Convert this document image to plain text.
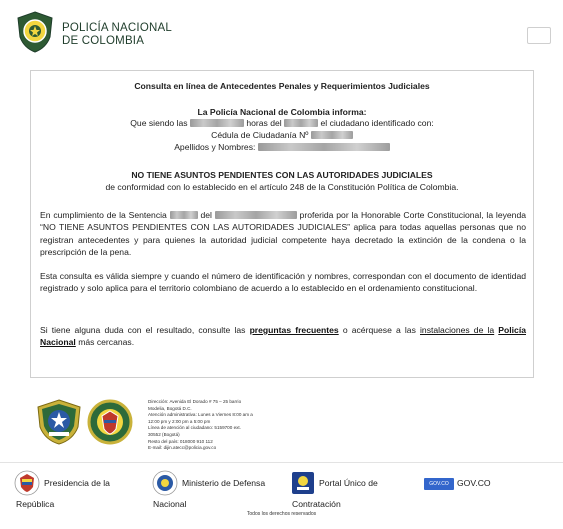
POLICÍA NACIONAL
DE COLOMBIA
Consulta en línea de Antecedentes Penales y Requerimientos Judiciales
La Policía Nacional de Colombia informa:
Que siendo las	horas del	el ciudadano identificado con:
Cédula de Ciudadanía Nº
Apellidos y Nombres:
NO TIENE ASUNTOS PENDIENTES CON LAS AUTORIDADES JUDICIALES
de conformidad con lo establecido en el artículo 248 de la Constitución Política de Colombia.
En cumplimiento de la Sentencia	del	proferida por la Honorable Corte Constitucional, la leyenda “NO TIENE ASUNTOS PENDIENTES CON LAS AUTORIDADES JUDICIALES” aplica para todas aquellas personas que no registran antecedentes y para quienes la autoridad judicial competente haya decretado la extinción de la condena o la prescripción de la pena.
Esta consulta es válida siempre y cuando el número de identificación y nombres, correspondan con el documento de identidad registrado y solo aplica para el territorio colombiano de acuerdo a lo establecido en el ordenamiento constitucional.
Si tiene alguna duda con el resultado, consulte las preguntas frecuentes o acérquese a las instalaciones de la Policía Nacional más cercanas.
Dirección: Avenida El Dorado # 75 – 25 barrio
Modelia, Bogotá D.C.
Atención administrativa: Lunes a Viernes 8:00 am a
12:00 pm y 2:00 pm a 5:00 pm
Línea de atención al ciudadano: 5159700 ext.
30552 (Bogotá)
Resto del país: 018000 910 112
E-mail: dijin.atecc@policia.gov.co
Presidencia de la
República
Ministerio de Defensa
Nacional
Portal Único de
Contratación
GOV.CO GOV.CO
Todos los derechos reservados
